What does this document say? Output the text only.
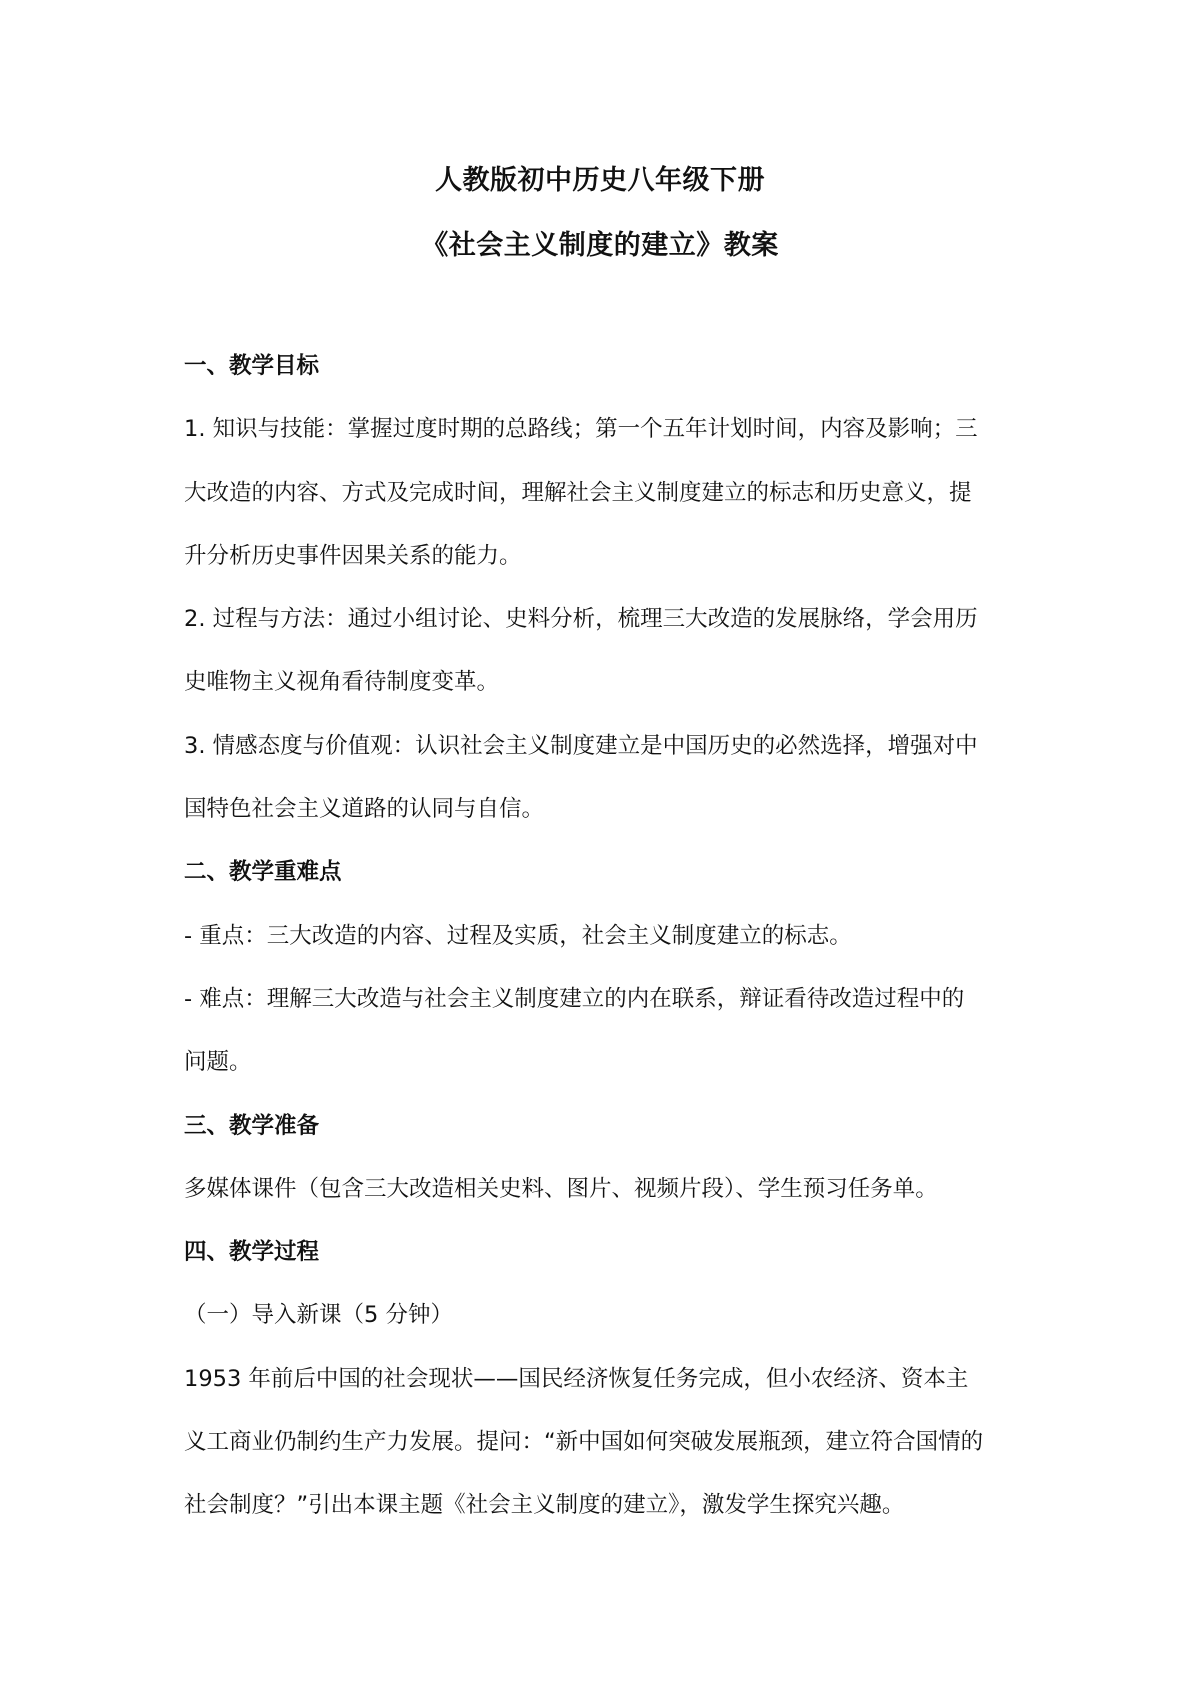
人教版初中历史八年级下册
《社会主义制度的建立》教案
一、教学目标
1. 知识与技能：掌握过度时期的总路线；第一个五年计划时间，内容及影响；三
大改造的内容、方式及完成时间，理解社会主义制度建立的标志和历史意义，提
升分析历史事件因果关系的能力。
2. 过程与方法：通过小组讨论、史料分析，梳理三大改造的发展脉络，学会用历
史唯物主义视角看待制度变革。
3. 情感态度与价值观：认识社会主义制度建立是中国历史的必然选择，增强对中
国特色社会主义道路的认同与自信。
二、教学重难点
- 重点：三大改造的内容、过程及实质，社会主义制度建立的标志。
- 难点：理解三大改造与社会主义制度建立的内在联系，辩证看待改造过程中的
问题。
三、教学准备
多媒体课件（包含三大改造相关史料、图片、视频片段）、学生预习任务单。
四、教学过程
（一）导入新课（5 分钟）
1953 年前后中国的社会现状——国民经济恢复任务完成，但小农经济、资本主
义工商业仍制约生产力发展。提问：“新中国如何突破发展瓶颈，建立符合国情的
社会制度？”引出本课主题《社会主义制度的建立》，激发学生探究兴趣。
